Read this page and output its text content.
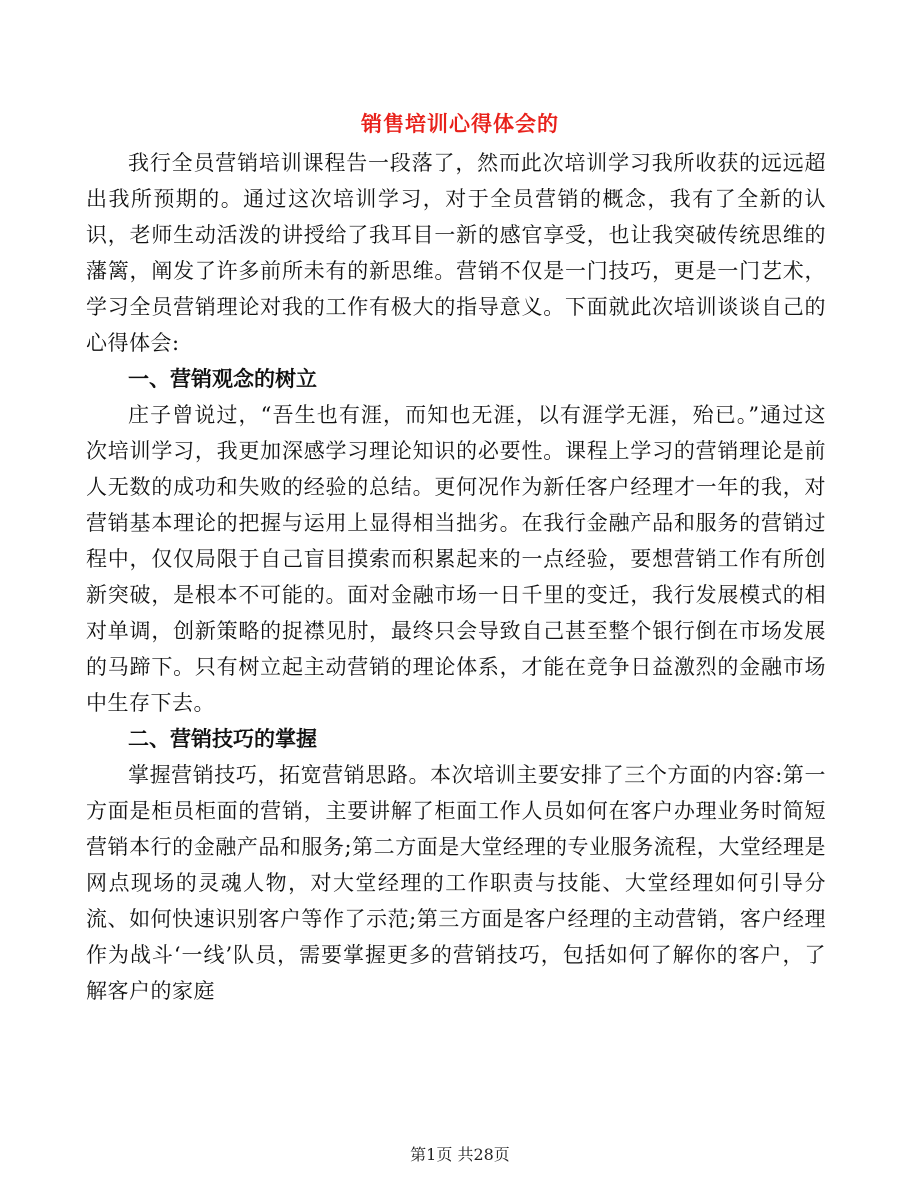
销售培训心得体会的

我行全员营销培训课程告一段落了，然而此次培训学习我所收获的远远超出我所预期的。通过这次培训学习，对于全员营销的概念，我有了全新的认识，老师生动活泼的讲授给了我耳目一新的感官享受，也让我突破传统思维的藩篱，阐发了许多前所未有的新思维。营销不仅是一门技巧，更是一门艺术，学习全员营销理论对我的工作有极大的指导意义。下面就此次培训谈谈自己的心得体会:

一、营销观念的树立

庄子曾说过，“吾生也有涯，而知也无涯，以有涯学无涯，殆已。”通过这次培训学习，我更加深感学习理论知识的必要性。课程上学习的营销理论是前人无数的成功和失败的经验的总结。更何况作为新任客户经理才一年的我，对营销基本理论的把握与运用上显得相当拙劣。在我行金融产品和服务的营销过程中，仅仅局限于自己盲目摸索而积累起来的一点经验，要想营销工作有所创新突破，是根本不可能的。面对金融市场一日千里的变迁，我行发展模式的相对单调，创新策略的捉襟见肘，最终只会导致自己甚至整个银行倒在市场发展的马蹄下。只有树立起主动营销的理论体系，才能在竞争日益激烈的金融市场中生存下去。

二、营销技巧的掌握

掌握营销技巧，拓宽营销思路。本次培训主要安排了三个方面的内容:第一方面是柜员柜面的营销，主要讲解了柜面工作人员如何在客户办理业务时简短营销本行的金融产品和服务;第二方面是大堂经理的专业服务流程，大堂经理是网点现场的灵魂人物，对大堂经理的工作职责与技能、大堂经理如何引导分流、如何快速识别客户等作了示范;第三方面是客户经理的主动营销，客户经理作为战斗‘一线’队员，需要掌握更多的营销技巧，包括如何了解你的客户，了解客户的家庭

第1页 共28页
